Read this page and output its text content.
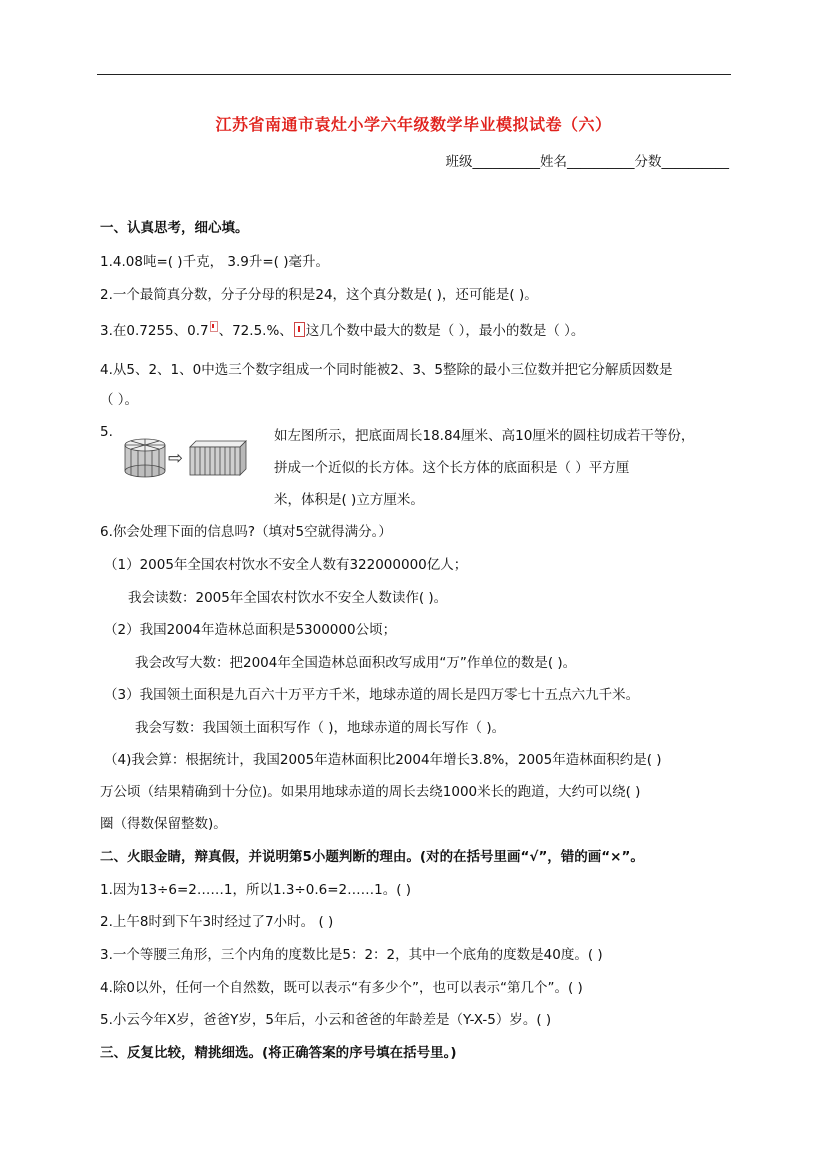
江苏省南通市袁灶小学六年级数学毕业模拟试卷（六）
班级__________姓名__________分数__________
一、认真思考，细心填。
1.4.08吨=( )千克， 3.9升=( )毫升。
2.一个最简真分数，分子分母的积是24，这个真分数是( )，还可能是( )。
3.在0.7255、0.7 、72.5.%、 这几个数中最大的数是（ ），最小的数是（ ）。
4.从5、2、1、0中选三个数字组成一个同时能被2、3、5整除的最小三位数并把它分解质因数是
（ ）。
5.
⇨
如左图所示，把底面周长18.84厘米、高10厘米的圆柱切成若干等份，
拼成一个近似的长方体。这个长方体的底面积是（ ）平方厘
米，体积是( )立方厘米。
6.你会处理下面的信息吗?（填对5空就得满分。）
（1）2005年全国农村饮水不安全人数有322000000亿人；
我会读数：2005年全国农村饮水不安全人数读作( )。
（2）我国2004年造林总面积是5300000公顷；
我会改写大数：把2004年全国造林总面积改写成用“万”作单位的数是( )。
（3）我国领土面积是九百六十万平方千米，地球赤道的周长是四万零七十五点六九千米。
我会写数：我国领土面积写作（ )，地球赤道的周长写作（ )。
（4)我会算：根据统计，我国2005年造林面积比2004年增长3.8%，2005年造林面积约是( )
万公顷（结果精确到十分位)。如果用地球赤道的周长去绕1000米长的跑道，大约可以绕( )
圈（得数保留整数)。
二、火眼金睛，辩真假，并说明第5小题判断的理由。(对的在括号里画“√”，错的画“×”。
1.因为13÷6=2……1，所以1.3÷0.6=2……1。( )
2.上午8时到下午3时经过了7小时。 ( )
3.一个等腰三角形，三个内角的度数比是5：2：2，其中一个底角的度数是40度。( )
4.除0以外，任何一个自然数，既可以表示“有多少个”，也可以表示“第几个”。( )
5.小云今年X岁，爸爸Y岁，5年后，小云和爸爸的年龄差是（Y-X-5）岁。( )
三、反复比较，精挑细选。(将正确答案的序号填在括号里。)
